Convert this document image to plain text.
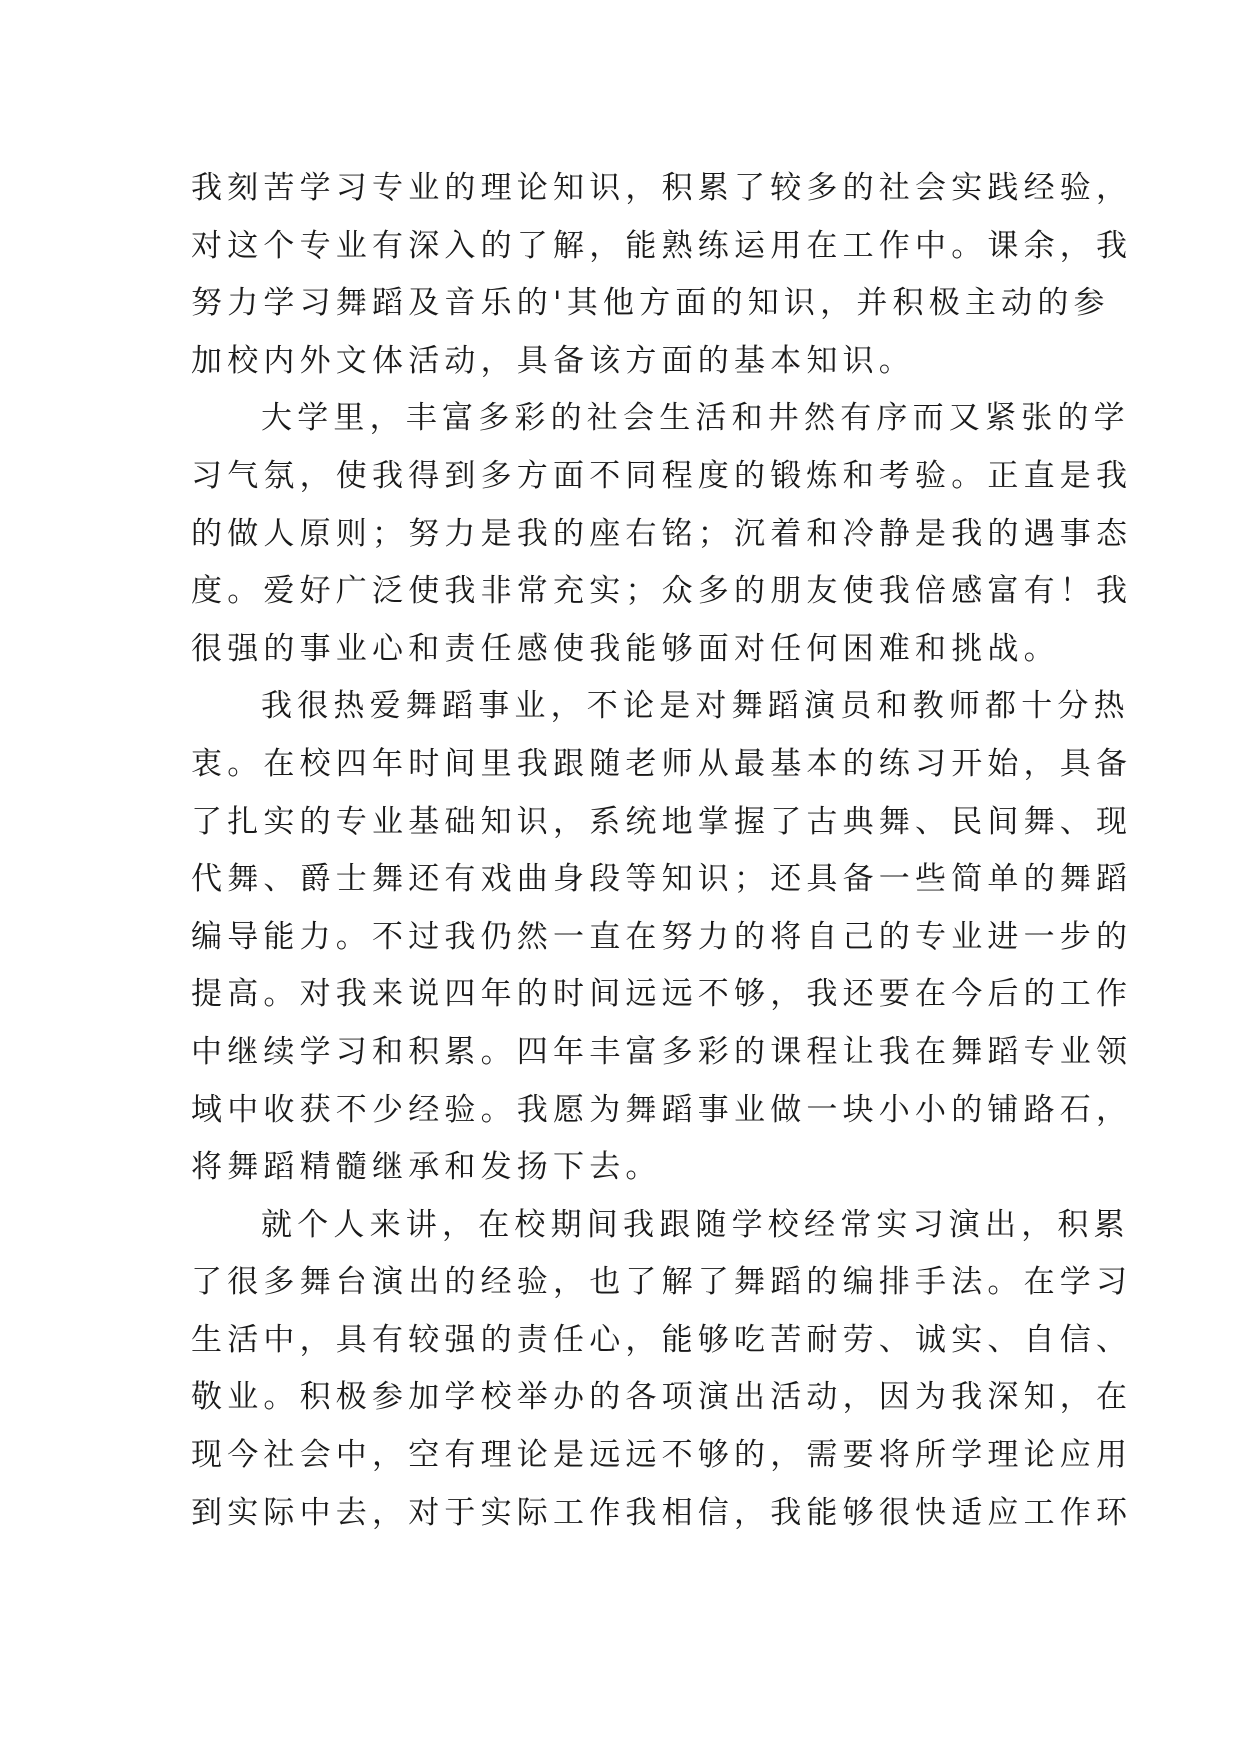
我刻苦学习专业的理论知识，积累了较多的社会实践经验，
对这个专业有深入的了解，能熟练运用在工作中。课余，我
努力学习舞蹈及音乐的'其他方面的知识，并积极主动的参
加校内外文体活动，具备该方面的基本知识。
大学里，丰富多彩的社会生活和井然有序而又紧张的学
习气氛，使我得到多方面不同程度的锻炼和考验。正直是我
的做人原则；努力是我的座右铭；沉着和冷静是我的遇事态
度。爱好广泛使我非常充实；众多的朋友使我倍感富有！我
很强的事业心和责任感使我能够面对任何困难和挑战。
我很热爱舞蹈事业，不论是对舞蹈演员和教师都十分热
衷。在校四年时间里我跟随老师从最基本的练习开始，具备
了扎实的专业基础知识，系统地掌握了古典舞、民间舞、现
代舞、爵士舞还有戏曲身段等知识；还具备一些简单的舞蹈
编导能力。不过我仍然一直在努力的将自己的专业进一步的
提高。对我来说四年的时间远远不够，我还要在今后的工作
中继续学习和积累。四年丰富多彩的课程让我在舞蹈专业领
域中收获不少经验。我愿为舞蹈事业做一块小小的铺路石，
将舞蹈精髓继承和发扬下去。
就个人来讲，在校期间我跟随学校经常实习演出，积累
了很多舞台演出的经验，也了解了舞蹈的编排手法。在学习
生活中，具有较强的责任心，能够吃苦耐劳、诚实、自信、
敬业。积极参加学校举办的各项演出活动，因为我深知，在
现今社会中，空有理论是远远不够的，需要将所学理论应用
到实际中去，对于实际工作我相信，我能够很快适应工作环
